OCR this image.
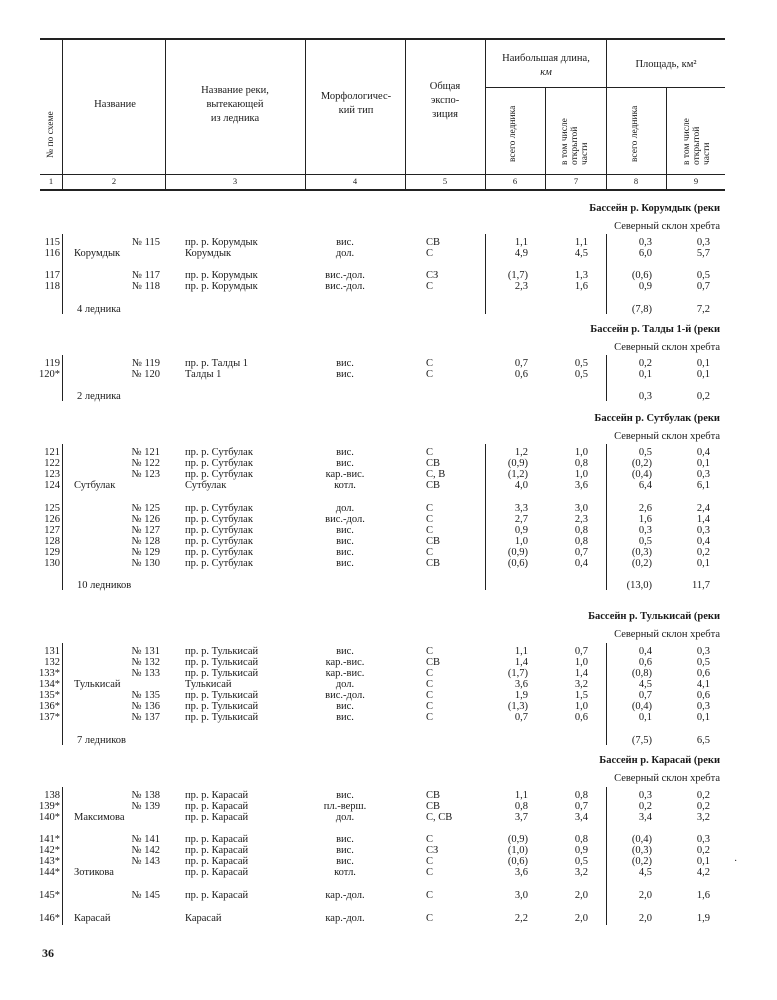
№ по схеме
Название
Название реки,
вытекающей
из ледника
Морфологичес-
кий тип
Общая
экспо-
зиция
Наибольшая длина,
км
Площадь, км²
всего ледника	в том числе открытой части	всего ледника	в том числе открытой части
1	2	3	4	5	6	7	8	9
Бассейн р. Корумдык (реки
Северный склон хребта
115	№ 115 пр. р. Корумдык	вис.	СВ	1,1	1,1	0,3	0,3
116 Корумдык	Корумдык	дол.	С	4,9	4,5	6,0	5,7
117	№ 117 пр. р. Корумдык	вис.-дол.	СЗ	(1,7)	1,3	(0,6)	0,5
118	№ 118 пр. р. Корумдык	вис.-дол.	С	2,3	1,6	0,9	0,7
4 ледника	(7,8)	7,2
Бассейн р. Талды 1-й (реки
Северный склон хребта
119	№ 119 пр. р. Талды 1	вис.	С	0,7	0,5	0,2	0,1
120*	№ 120 Талды 1	вис.	С	0,6	0,5	0,1	0,1
2 ледника	0,3	0,2
Бассейн р. Сутбулак (реки
Северный склон хребта
121	№ 121 пр. р. Сутбулак	вис.	С	1,2	1,0	0,5	0,4
122	№ 122 пр. р. Сутбулак	вис.	СВ	(0,9)	0,8	(0,2)	0,1
123	№ 123 пр. р. Сутбулак	кар.-вис.	С, В	(1,2)	1,0	(0,4)	0,3
124 Сутбулак	Сутбулак	котл.	СВ	4,0	3,6	6,4	6,1
125	№ 125 пр. р. Сутбулак	дол.	С	3,3	3,0	2,6	2,4
126	№ 126 пр. р. Сутбулак	вис.-дол.	С	2,7	2,3	1,6	1,4
127	№ 127 пр. р. Сутбулак	вис.	С	0,9	0,8	0,3	0,3
128	№ 128 пр. р. Сутбулак	вис.	СВ	1,0	0,8	0,5	0,4
129	№ 129 пр. р. Сутбулак	вис.	С	(0,9)	0,7	(0,3)	0,2
130	№ 130 пр. р. Сутбулак	вис.	СВ	(0,6)	0,4	(0,2)	0,1
10 ледников	(13,0)	11,7
Бассейн р. Тулькисай (реки
Северный склон хребта
131	№ 131 пр. р. Тулькисай	вис.	С	1,1	0,7	0,4	0,3
132	№ 132 пр. р. Тулькисай	кар.-вис.	СВ	1,4	1,0	0,6	0,5
133*	№ 133 пр. р. Тулькисай	кар.-вис.	С	(1,7)	1,4	(0,8)	0,6
134* Тулькисай	Тулькисай	дол.	С	3,6	3,2	4,5	4,1
135*	№ 135 пр. р. Тулькисай	вис.-дол.	С	1,9	1,5	0,7	0,6
136*	№ 136 пр. р. Тулькисай	вис.	С	(1,3)	1,0	(0,4)	0,3
137*	№ 137 пр. р. Тулькисай	вис.	С	0,7	0,6	0,1	0,1
7 ледников	(7,5)	6,5
Бассейн р. Карасай (реки
Северный склон хребта
138	№ 138 пр. р. Карасай	вис.	СВ	1,1	0,8	0,3	0,2
139*	№ 139 пр. р. Карасай	пл.-верш.	СВ	0,8	0,7	0,2	0,2
140* Максимова	пр. р. Карасай	дол.	С, СВ	3,7	3,4	3,4	3,2
141*	№ 141 пр. р. Карасай	вис.	С	(0,9)	0,8	(0,4)	0,3
142*	№ 142 пр. р. Карасай	вис.	СЗ	(1,0)	0,9	(0,3)	0,2
143*	№ 143 пр. р. Карасай	вис.	С	(0,6)	0,5	(0,2)	0,1
144* Зотикова	пр. р. Карасай	котл.	С	3,6	3,2	4,5	4,2
145*	№ 145 пр. р. Карасай	кар.-дол.	С	3,0	2,0	2,0	1,6
146* Карасай	Карасай	кар.-дол.	С	2,2	2,0	2,0	1,9
·
36
